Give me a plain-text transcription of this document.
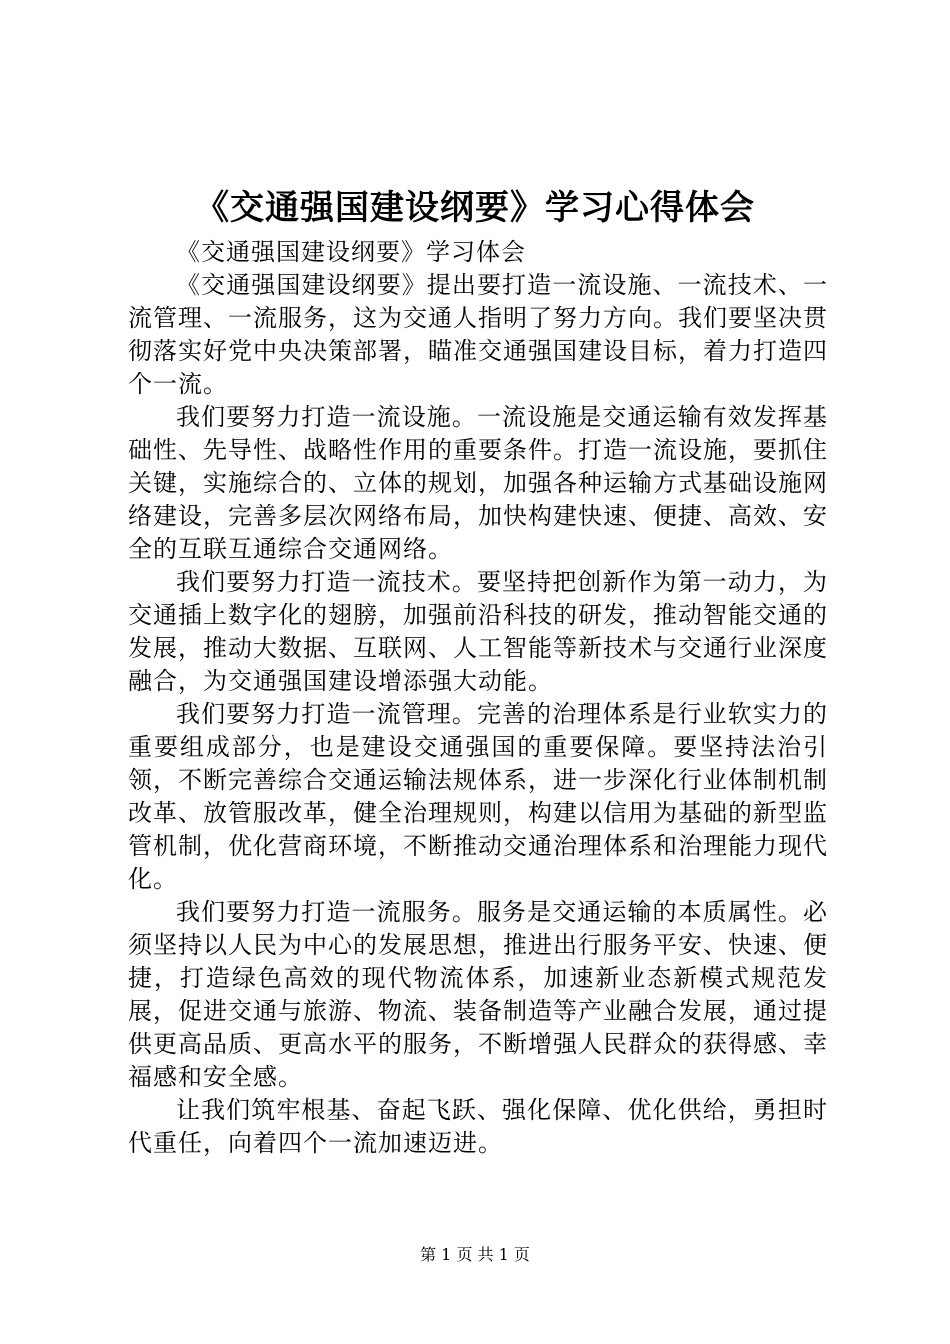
《交通强国建设纲要》学习心得体会

《交通强国建设纲要》学习体会

《交通强国建设纲要》提出要打造一流设施、一流技术、一流管理、一流服务，这为交通人指明了努力方向。我们要坚决贯彻落实好党中央决策部署，瞄准交通强国建设目标，着力打造四个一流。

我们要努力打造一流设施。一流设施是交通运输有效发挥基础性、先导性、战略性作用的重要条件。打造一流设施，要抓住关键，实施综合的、立体的规划，加强各种运输方式基础设施网络建设，完善多层次网络布局，加快构建快速、便捷、高效、安全的互联互通综合交通网络。

我们要努力打造一流技术。要坚持把创新作为第一动力，为交通插上数字化的翅膀，加强前沿科技的研发，推动智能交通的发展，推动大数据、互联网、人工智能等新技术与交通行业深度融合，为交通强国建设增添强大动能。

我们要努力打造一流管理。完善的治理体系是行业软实力的重要组成部分，也是建设交通强国的重要保障。要坚持法治引领，不断完善综合交通运输法规体系，进一步深化行业体制机制改革、放管服改革，健全治理规则，构建以信用为基础的新型监管机制，优化营商环境，不断推动交通治理体系和治理能力现代化。

我们要努力打造一流服务。服务是交通运输的本质属性。必须坚持以人民为中心的发展思想，推进出行服务平安、快速、便捷，打造绿色高效的现代物流体系，加速新业态新模式规范发展，促进交通与旅游、物流、装备制造等产业融合发展，通过提供更高品质、更高水平的服务，不断增强人民群众的获得感、幸福感和安全感。

让我们筑牢根基、奋起飞跃、强化保障、优化供给，勇担时代重任，向着四个一流加速迈进。

第 1 页 共 1 页
